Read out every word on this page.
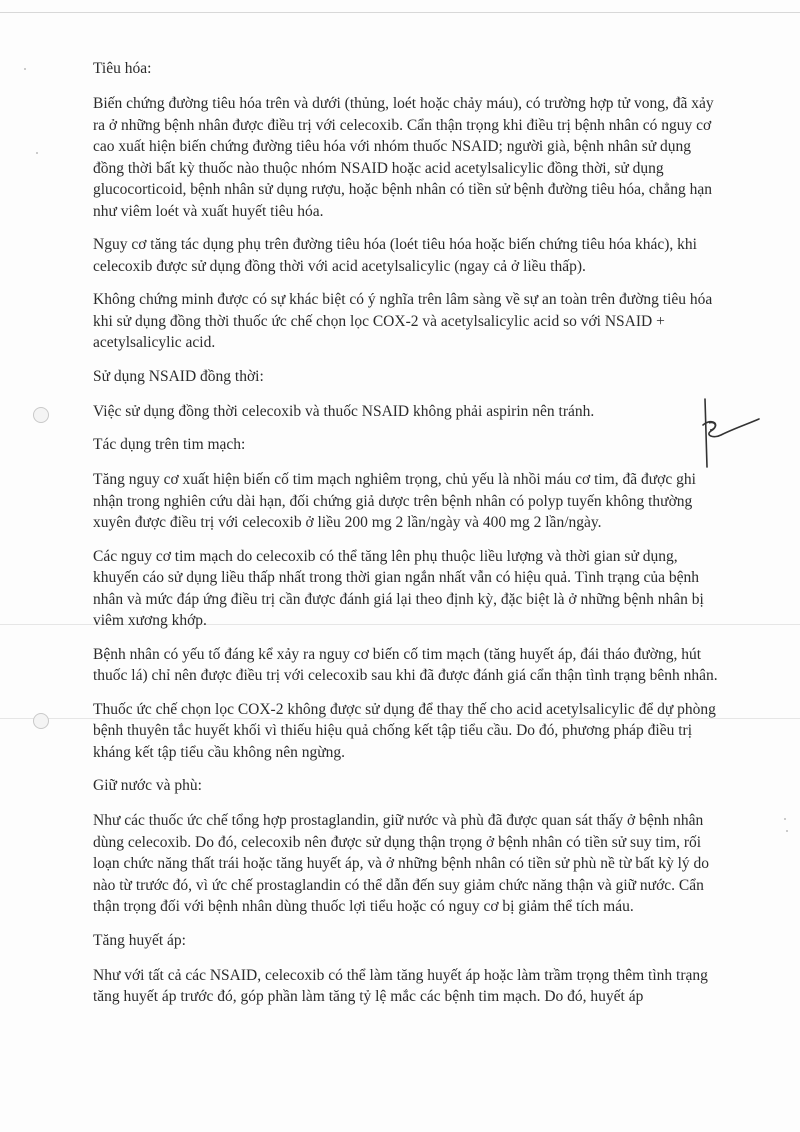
Tiêu hóa:
Biến chứng đường tiêu hóa trên và dưới (thủng, loét hoặc chảy máu), có trường hợp tử vong, đã xảy ra ở những bệnh nhân được điều trị với celecoxib. Cẩn thận trọng khi điều trị bệnh nhân có nguy cơ cao xuất hiện biến chứng đường tiêu hóa với nhóm thuốc NSAID; người già, bệnh nhân sử dụng đồng thời bất kỳ thuốc nào thuộc nhóm NSAID hoặc acid acetylsalicylic đồng thời, sử dụng glucocorticoid, bệnh nhân sử dụng rượu, hoặc bệnh nhân có tiền sử bệnh đường tiêu hóa, chẳng hạn như viêm loét và xuất huyết tiêu hóa.
Nguy cơ tăng tác dụng phụ trên đường tiêu hóa (loét tiêu hóa hoặc biến chứng tiêu hóa khác), khi celecoxib được sử dụng đồng thời với acid acetylsalicylic (ngay cả ở liều thấp).
Không chứng minh được có sự khác biệt có ý nghĩa trên lâm sàng về sự an toàn trên đường tiêu hóa khi sử dụng đồng thời thuốc ức chế chọn lọc COX-2 và acetylsalicylic acid so với NSAID + acetylsalicylic acid.
Sử dụng NSAID đồng thời:
Việc sử dụng đồng thời celecoxib và thuốc NSAID không phải aspirin nên tránh.
Tác dụng trên tim mạch:
Tăng nguy cơ xuất hiện biến cố tim mạch nghiêm trọng, chủ yếu là nhồi máu cơ tim, đã được ghi nhận trong nghiên cứu dài hạn, đối chứng giả dược trên bệnh nhân có polyp tuyến không thường xuyên được điều trị với celecoxib ở liều 200 mg 2 lần/ngày và 400 mg 2 lần/ngày.
Các nguy cơ tim mạch do celecoxib có thể tăng lên phụ thuộc liều lượng và thời gian sử dụng, khuyến cáo sử dụng liều thấp nhất trong thời gian ngắn nhất vẫn có hiệu quả. Tình trạng của bệnh nhân và mức đáp ứng điều trị cần được đánh giá lại theo định kỳ, đặc biệt là ở những bệnh nhân bị viêm xương khớp.
Bệnh nhân có yếu tố đáng kể xảy ra nguy cơ biến cố tim mạch (tăng huyết áp, đái tháo đường, hút thuốc lá) chỉ nên được điều trị với celecoxib sau khi đã được đánh giá cẩn thận tình trạng bênh nhân.
Thuốc ức chế chọn lọc COX-2 không được sử dụng để thay thế cho acid acetylsalicylic để dự phòng bệnh thuyên tắc huyết khối vì thiếu hiệu quả chống kết tập tiểu cầu. Do đó, phương pháp điều trị kháng kết tập tiểu cầu không nên ngừng.
Giữ nước và phù:
Như các thuốc ức chế tổng hợp prostaglandin, giữ nước và phù đã được quan sát thấy ở bệnh nhân dùng celecoxib. Do đó, celecoxib nên được sử dụng thận trọng ở bệnh nhân có tiền sử suy tim, rối loạn chức năng thất trái hoặc tăng huyết áp, và ở những bệnh nhân có tiền sử phù nề từ bất kỳ lý do nào từ trước đó, vì ức chế prostaglandin có thể dẫn đến suy giảm chức năng thận và giữ nước. Cẩn thận trọng đối với bệnh nhân dùng thuốc lợi tiểu hoặc có nguy cơ bị giảm thể tích máu.
Tăng huyết áp:
Như với tất cả các NSAID, celecoxib có thể làm tăng huyết áp hoặc làm trầm trọng thêm tình trạng tăng huyết áp trước đó, góp phần làm tăng tỷ lệ mắc các bệnh tim mạch. Do đó, huyết áp
